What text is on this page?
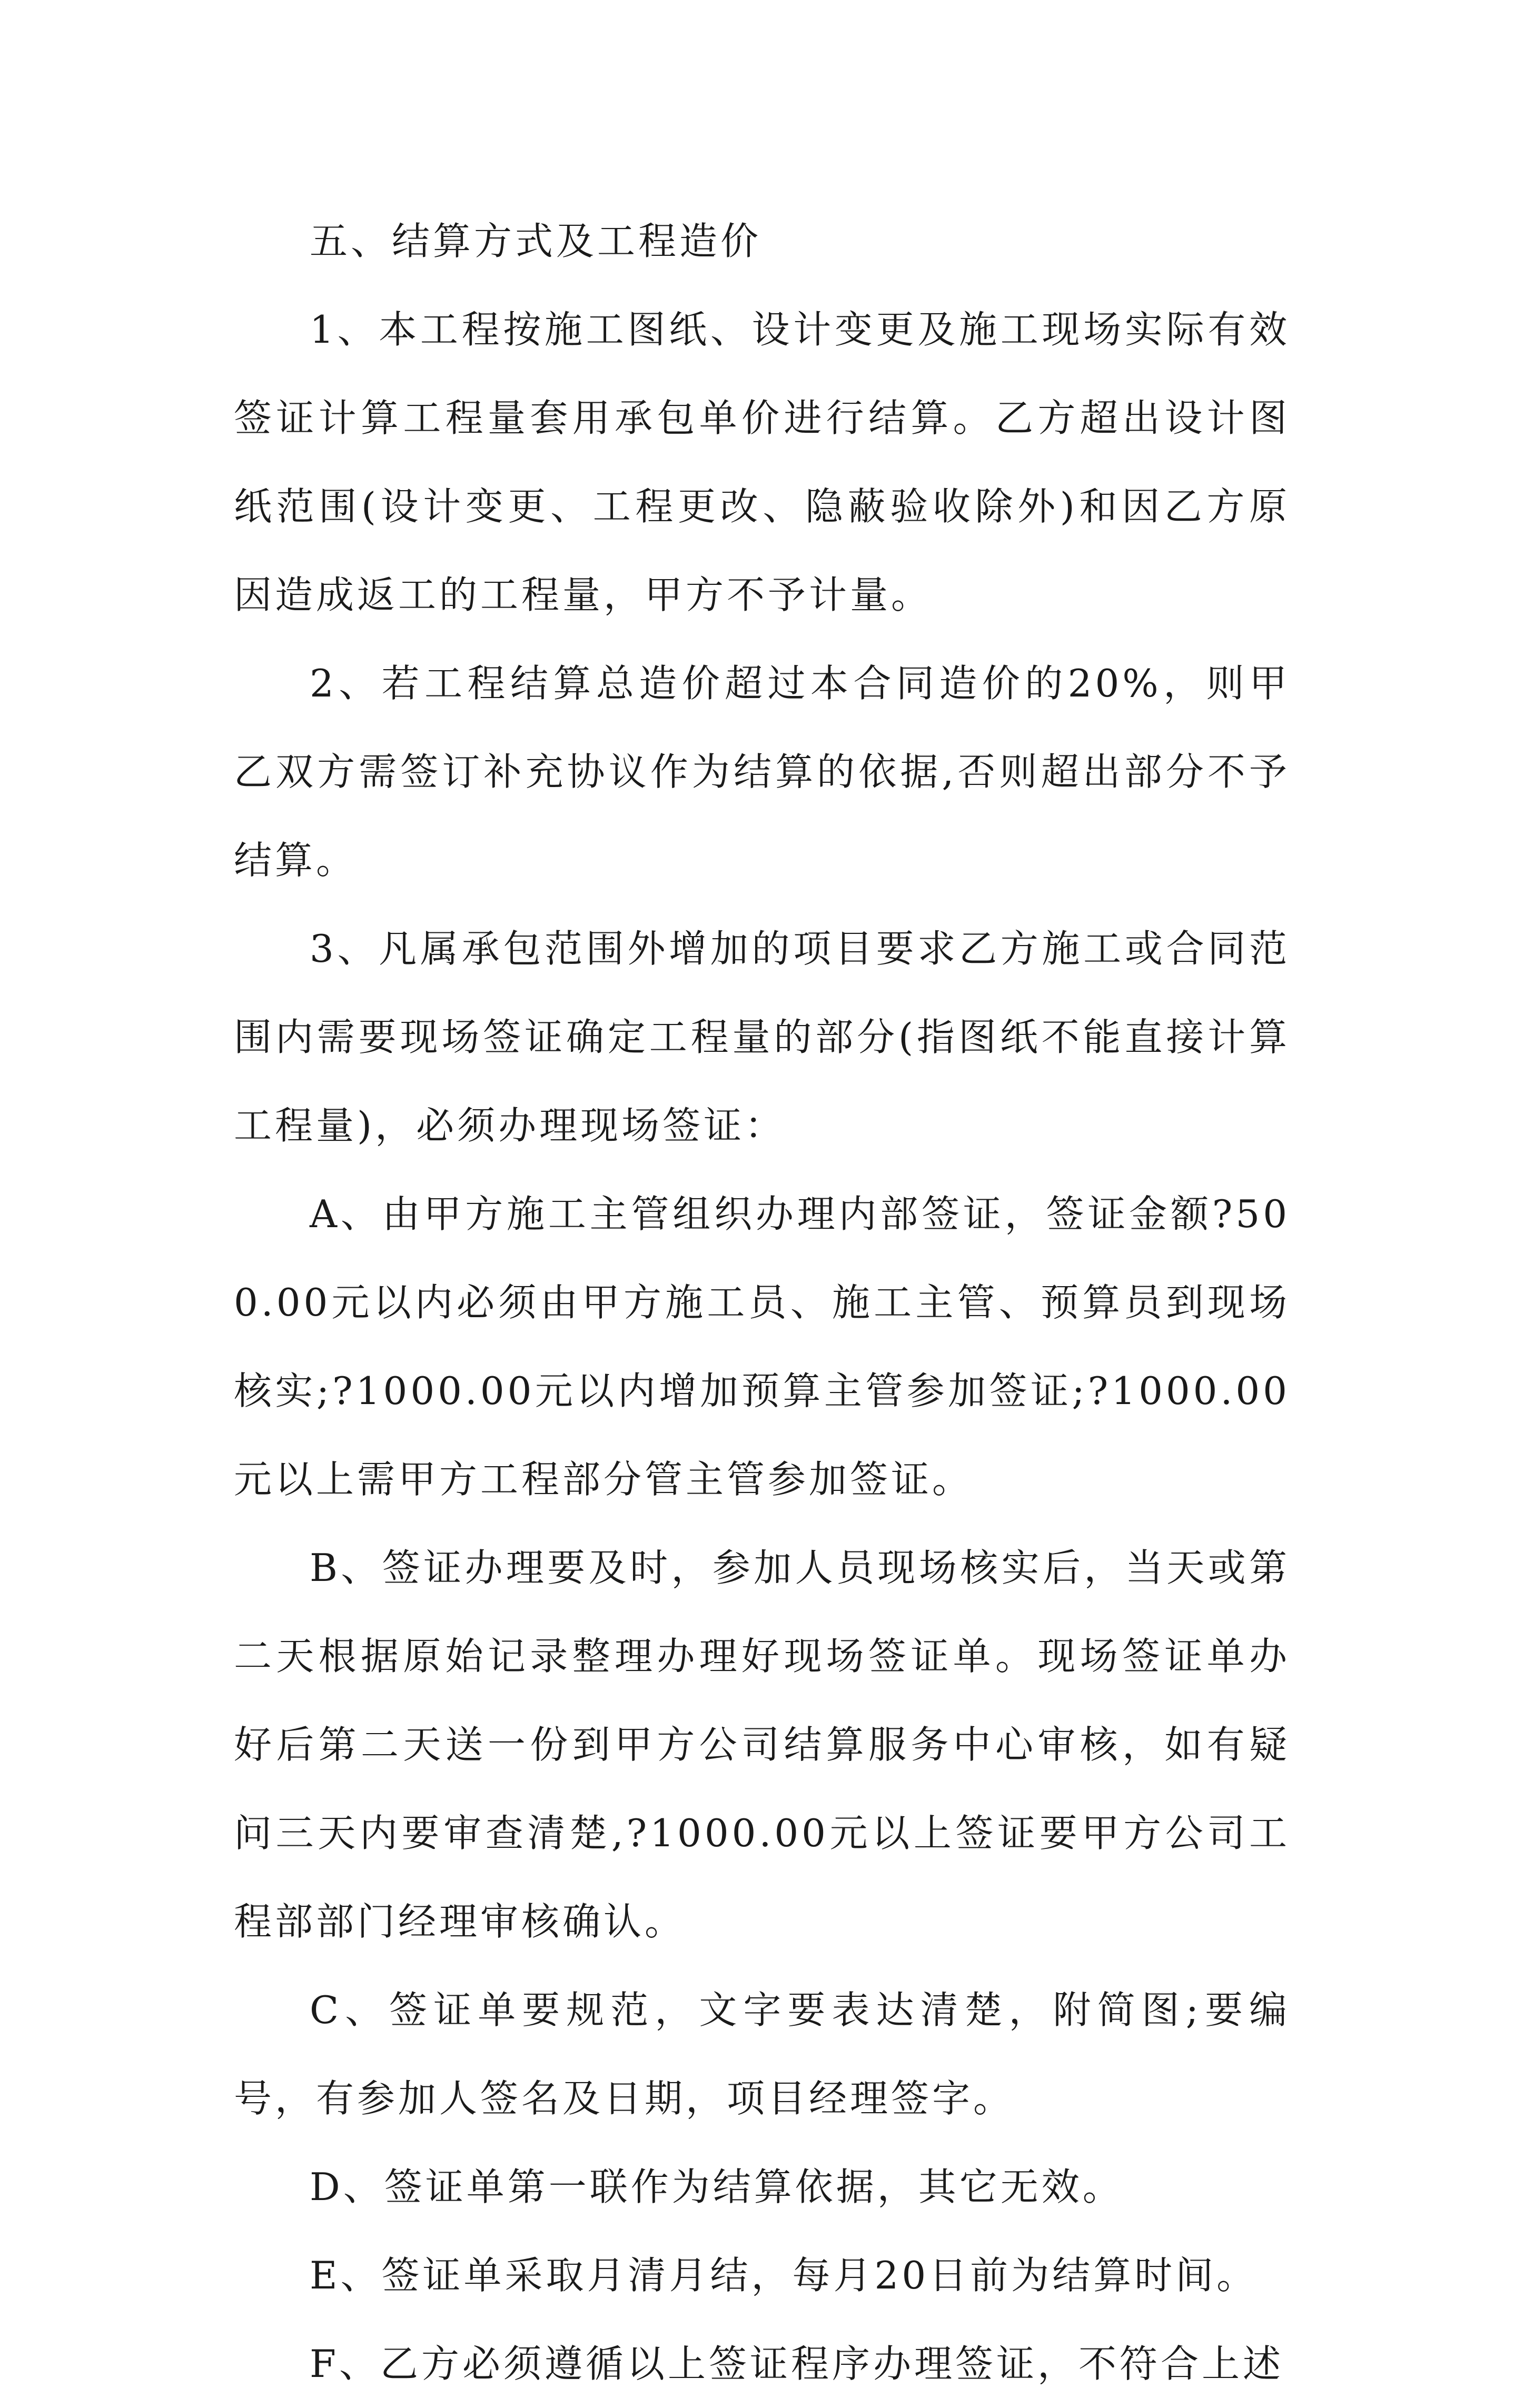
五、结算方式及工程造价

1、本工程按施工图纸、设计变更及施工现场实际有效签证计算工程量套用承包单价进行结算。乙方超出设计图纸范围(设计变更、工程更改、隐蔽验收除外)和因乙方原因造成返工的工程量，甲方不予计量。

2、若工程结算总造价超过本合同造价的20%，则甲乙双方需签订补充协议作为结算的依据,否则超出部分不予结算。

3、凡属承包范围外增加的项目要求乙方施工或合同范围内需要现场签证确定工程量的部分(指图纸不能直接计算工程量)，必须办理现场签证：

A、由甲方施工主管组织办理内部签证，签证金额?500.00元以内必须由甲方施工员、施工主管、预算员到现场核实;?1000.00元以内增加预算主管参加签证;?1000.00元以上需甲方工程部分管主管参加签证。

B、签证办理要及时，参加人员现场核实后，当天或第二天根据原始记录整理办理好现场签证单。现场签证单办好后第二天送一份到甲方公司结算服务中心审核，如有疑问三天内要审查清楚,?1000.00元以上签证要甲方公司工程部部门经理审核确认。

C、签证单要规范，文字要表达清楚，附简图;要编号，有参加人签名及日期，项目经理签字。

D、签证单第一联作为结算依据，其它无效。

E、签证单采取月清月结，每月20日前为结算时间。

F、乙方必须遵循以上签证程序办理签证，不符合上述
